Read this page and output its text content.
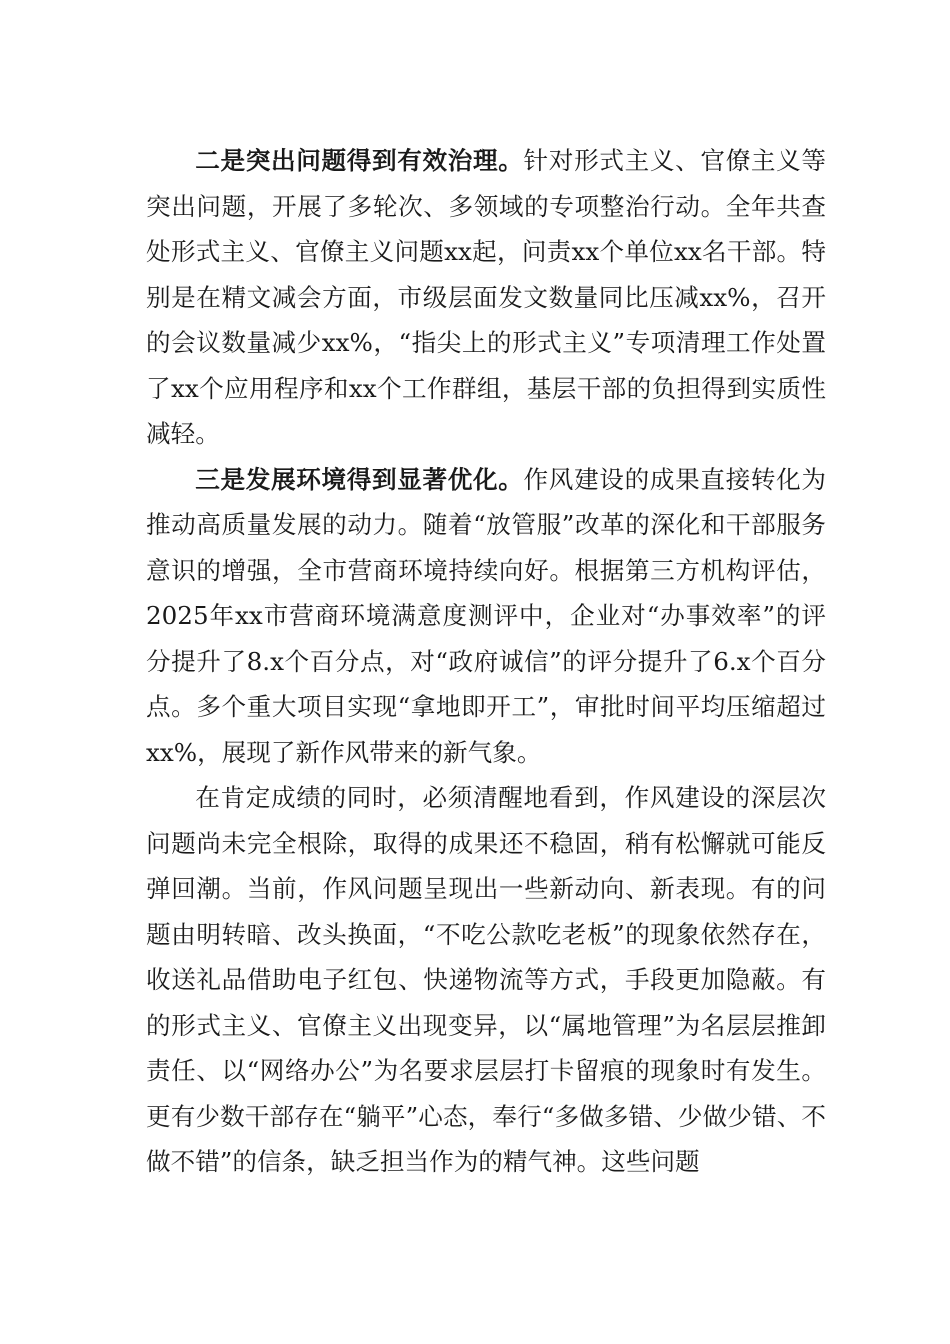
二是突出问题得到有效治理。针对形式主义、官僚主义等突出问题，开展了多轮次、多领域的专项整治行动。全年共查处形式主义、官僚主义问题xx起，问责xx个单位xx名干部。特别是在精文减会方面，市级层面发文数量同比压减xx%，召开的会议数量减少xx%，“指尖上的形式主义”专项清理工作处置了xx个应用程序和xx个工作群组，基层干部的负担得到实质性减轻。

三是发展环境得到显著优化。作风建设的成果直接转化为推动高质量发展的动力。随着“放管服”改革的深化和干部服务意识的增强，全市营商环境持续向好。根据第三方机构评估，2025年xx市营商环境满意度测评中，企业对“办事效率”的评分提升了8.x个百分点，对“政府诚信”的评分提升了6.x个百分点。多个重大项目实现“拿地即开工”，审批时间平均压缩超过xx%，展现了新作风带来的新气象。

在肯定成绩的同时，必须清醒地看到，作风建设的深层次问题尚未完全根除，取得的成果还不稳固，稍有松懈就可能反弹回潮。当前，作风问题呈现出一些新动向、新表现。有的问题由明转暗、改头换面，“不吃公款吃老板”的现象依然存在，收送礼品借助电子红包、快递物流等方式，手段更加隐蔽。有的形式主义、官僚主义出现变异，以“属地管理”为名层层推卸责任、以“网络办公”为名要求层层打卡留痕的现象时有发生。更有少数干部存在“躺平”心态，奉行“多做多错、少做少错、不做不错”的信条，缺乏担当作为的精气神。这些问题
